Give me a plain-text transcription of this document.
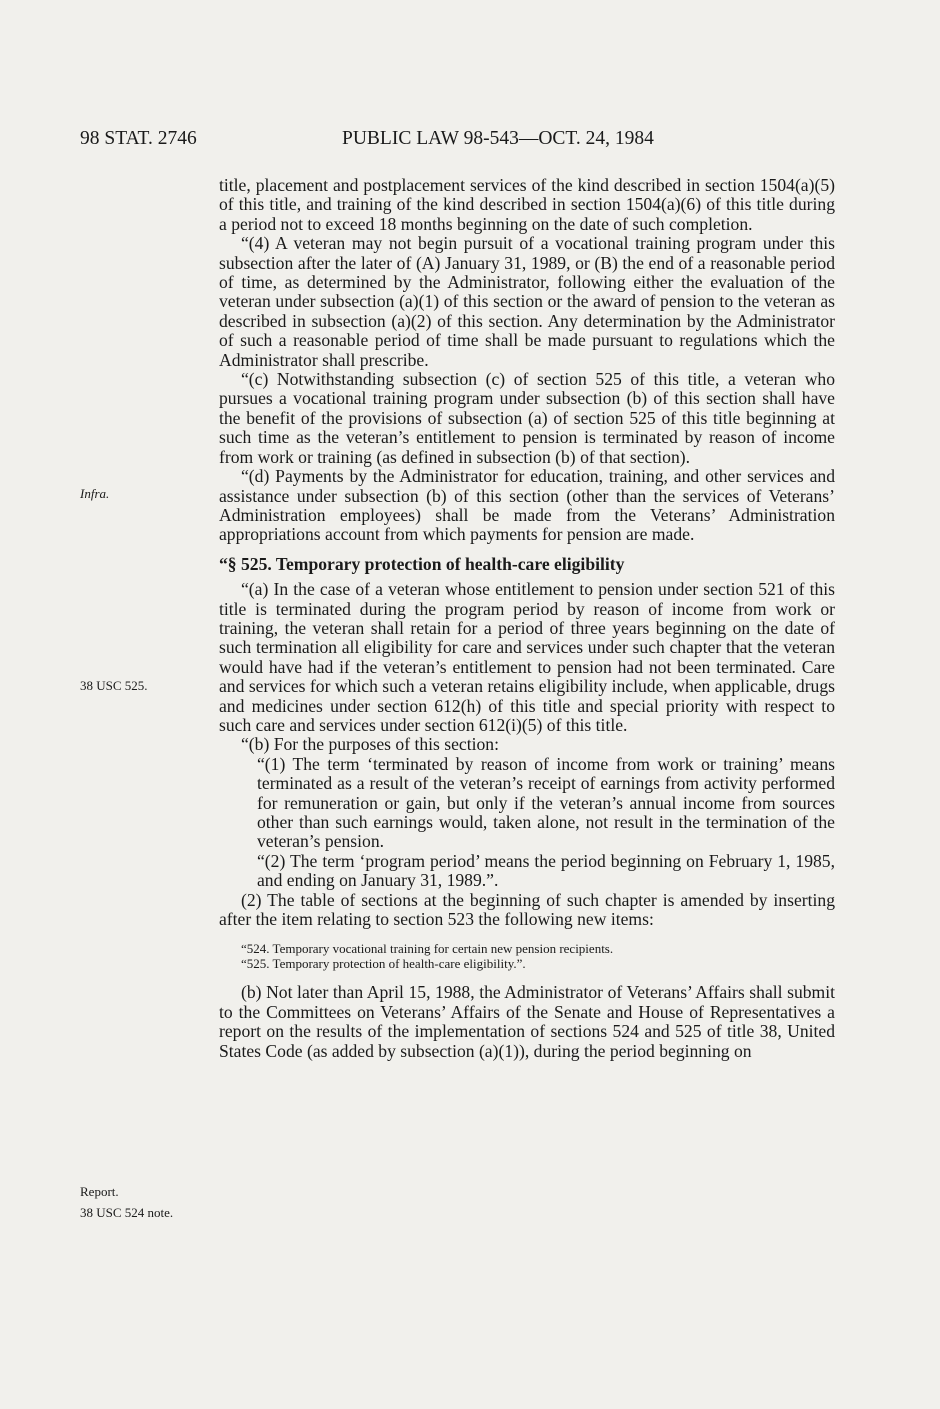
98 STAT. 2746	PUBLIC LAW 98-543—OCT. 24, 1984
Infra.
38 USC 525.
Report.
38 USC 524 note.

title, placement and postplacement services of the kind described in section 1504(a)(5) of this title, and training of the kind described in section 1504(a)(6) of this title during a period not to exceed 18 months beginning on the date of such completion.

“(4) A veteran may not begin pursuit of a vocational training program under this subsection after the later of (A) January 31, 1989, or (B) the end of a reasonable period of time, as determined by the Administrator, following either the evaluation of the veteran under subsection (a)(1) of this section or the award of pension to the veteran as described in subsection (a)(2) of this section. Any determination by the Administrator of such a reasonable period of time shall be made pursuant to regulations which the Administrator shall prescribe.

“(c) Notwithstanding subsection (c) of section 525 of this title, a veteran who pursues a vocational training program under subsection (b) of this section shall have the benefit of the provisions of subsection (a) of section 525 of this title beginning at such time as the veteran’s entitlement to pension is terminated by reason of income from work or training (as defined in subsection (b) of that section).

“(d) Payments by the Administrator for education, training, and other services and assistance under subsection (b) of this section (other than the services of Veterans’ Administration employees) shall be made from the Veterans’ Administration appropriations account from which payments for pension are made.

“§ 525. Temporary protection of health-care eligibility

“(a) In the case of a veteran whose entitlement to pension under section 521 of this title is terminated during the program period by reason of income from work or training, the veteran shall retain for a period of three years beginning on the date of such termination all eligibility for care and services under such chapter that the veteran would have had if the veteran’s entitlement to pension had not been terminated. Care and services for which such a veteran retains eligibility include, when applicable, drugs and medicines under section 612(h) of this title and special priority with respect to such care and services under section 612(i)(5) of this title.

“(b) For the purposes of this section:

“(1) The term ‘terminated by reason of income from work or training’ means terminated as a result of the veteran’s receipt of earnings from activity performed for remuneration or gain, but only if the veteran’s annual income from sources other than such earnings would, taken alone, not result in the termination of the veteran’s pension.

“(2) The term ‘program period’ means the period beginning on February 1, 1985, and ending on January 31, 1989.”.

(2) The table of sections at the beginning of such chapter is amended by inserting after the item relating to section 523 the following new items:

“524. Temporary vocational training for certain new pension recipients.
“525. Temporary protection of health-care eligibility.”.

(b) Not later than April 15, 1988, the Administrator of Veterans’ Affairs shall submit to the Committees on Veterans’ Affairs of the Senate and House of Representatives a report on the results of the implementation of sections 524 and 525 of title 38, United States Code (as added by subsection (a)(1)), during the period beginning on
